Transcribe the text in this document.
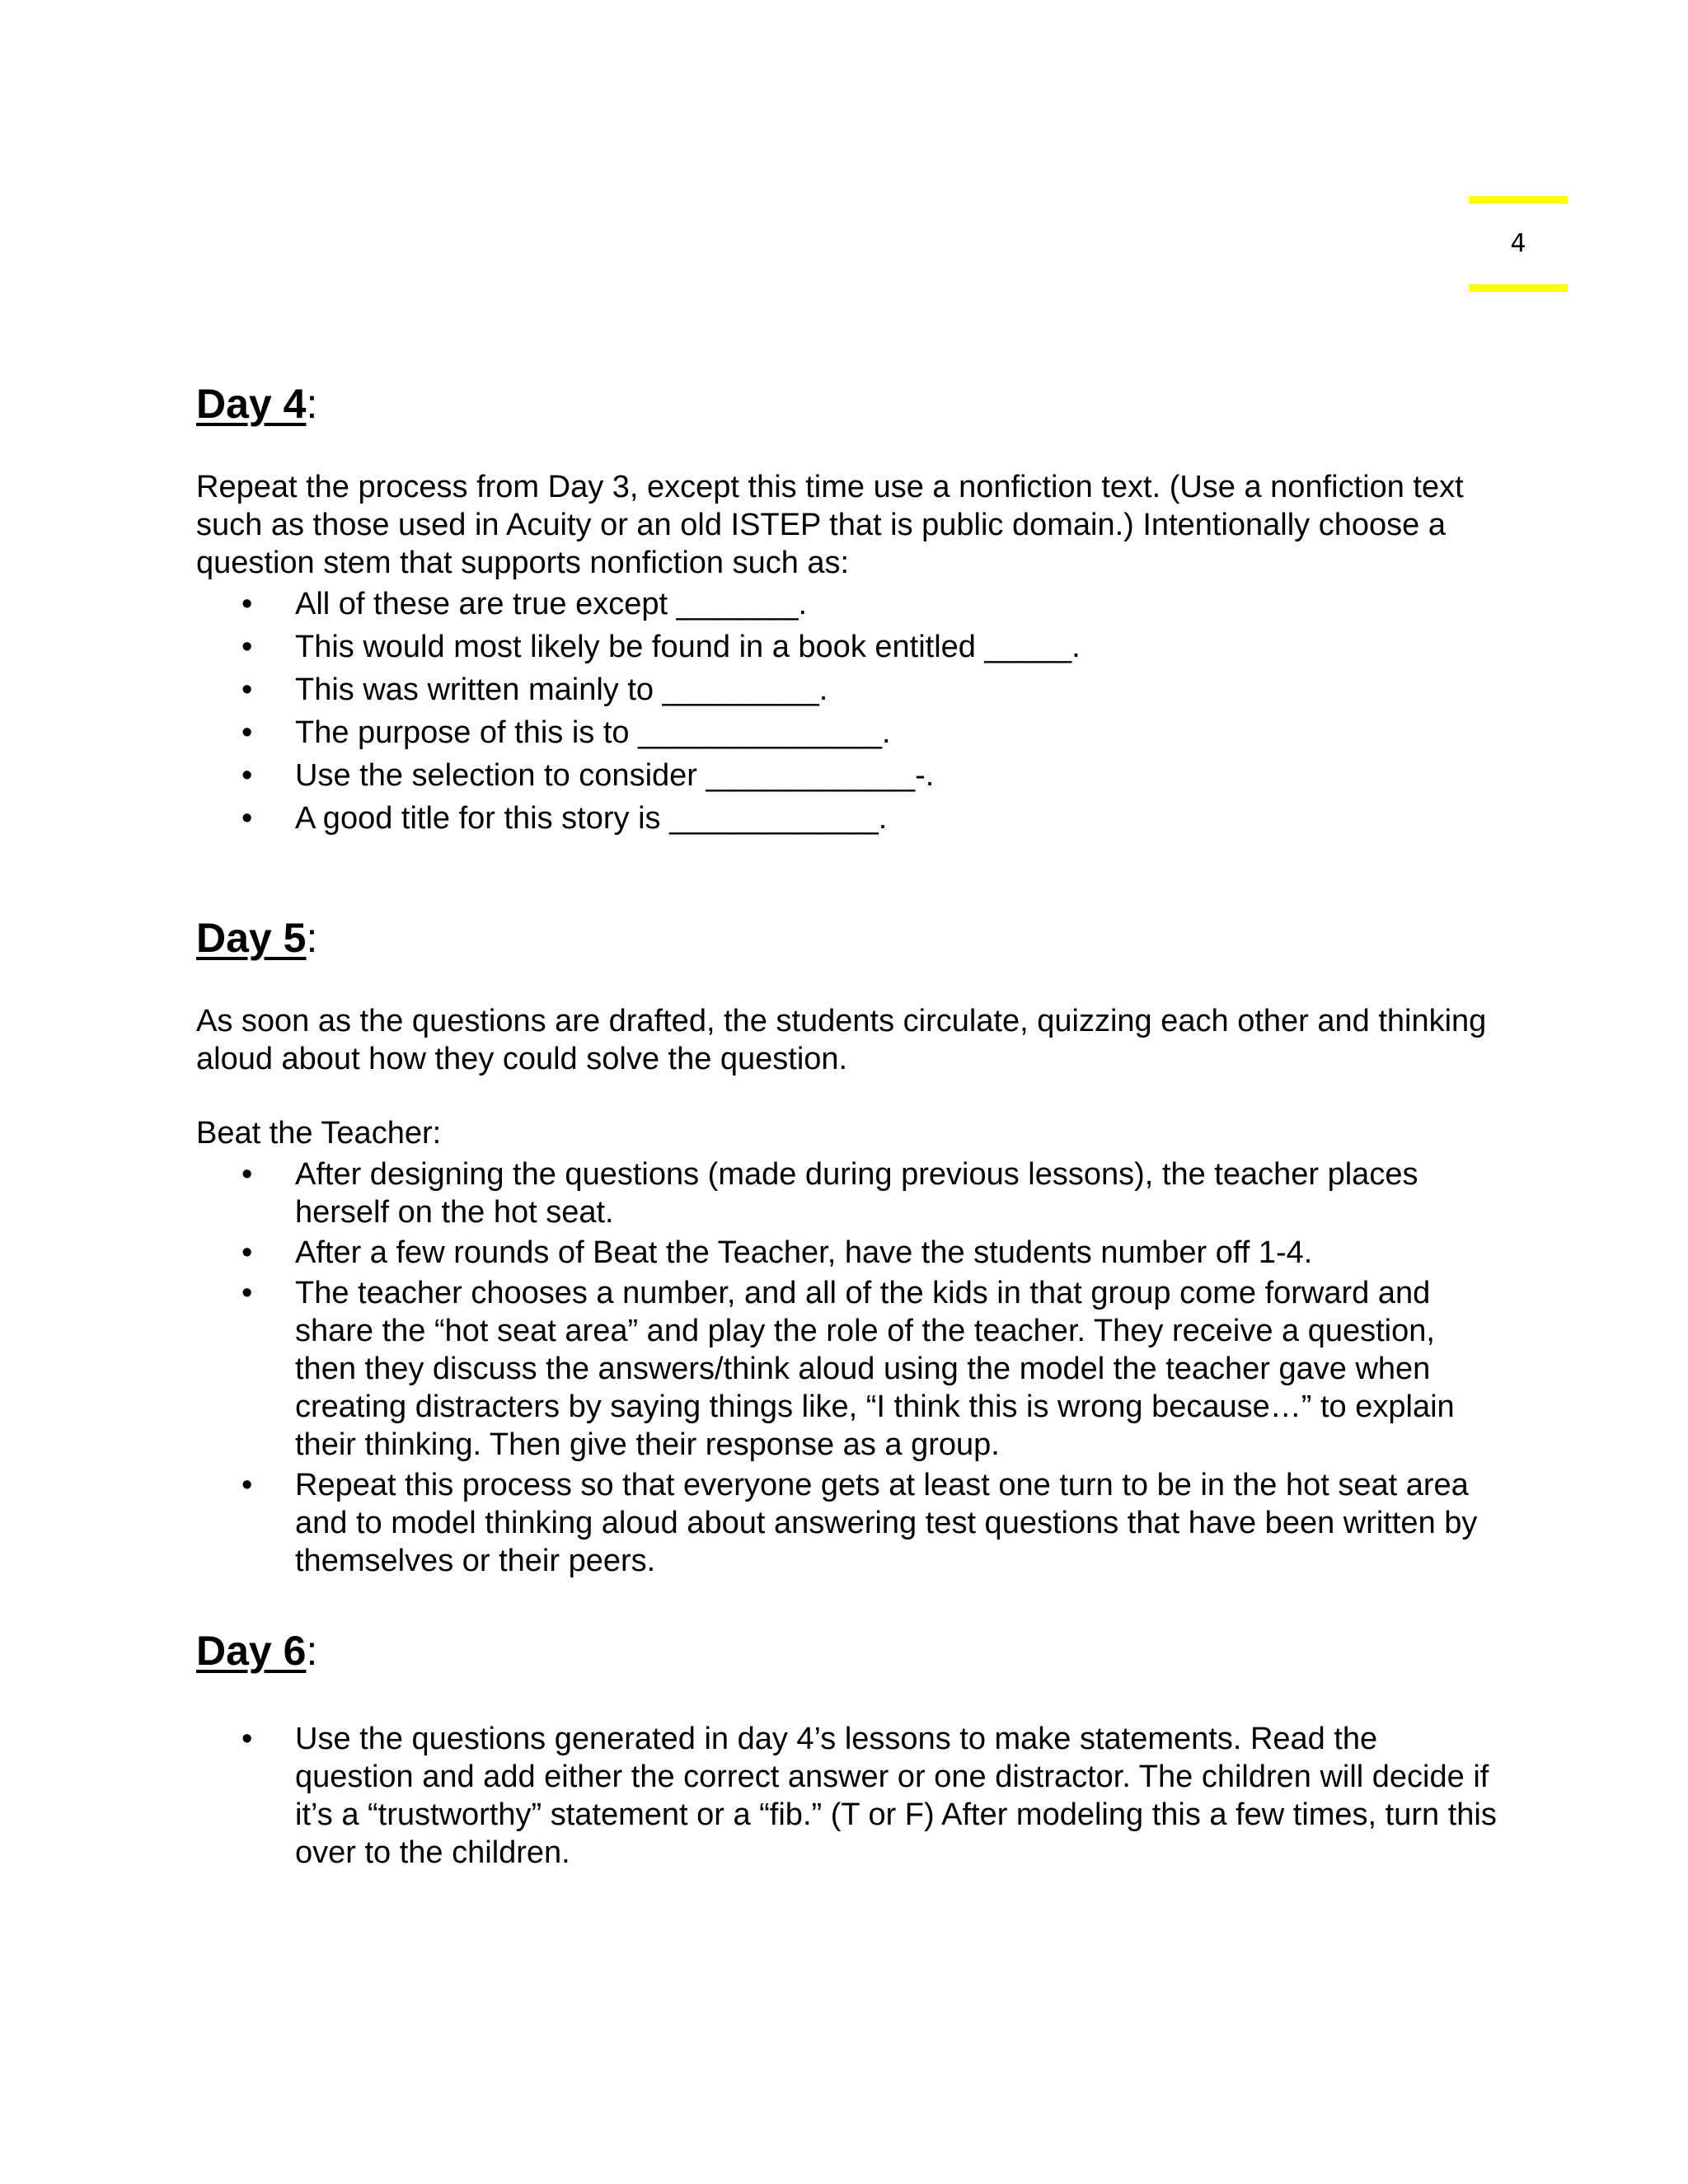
4
Day 4:

Repeat the process from Day 3, except this time use a nonfiction text. (Use a nonfiction text such as those used in Acuity or an old ISTEP that is public domain.) Intentionally choose a question stem that supports nonfiction such as:

• All of these are true except _______.
• This would most likely be found in a book entitled _____.
• This was written mainly to _________.
• The purpose of this is to ______________.
• Use the selection to consider ____________-.
• A good title for this story is ____________.
Day 5:

As soon as the questions are drafted, the students circulate, quizzing each other and thinking aloud about how they could solve the question.

Beat the Teacher:

• After designing the questions (made during previous lessons), the teacher places herself on the hot seat.
• After a few rounds of Beat the Teacher, have the students number off 1-4.
• The teacher chooses a number, and all of the kids in that group come forward and share the “hot seat area” and play the role of the teacher. They receive a question, then they discuss the answers/think aloud using the model the teacher gave when creating distracters by saying things like, “I think this is wrong because…” to explain their thinking. Then give their response as a group.
• Repeat this process so that everyone gets at least one turn to be in the hot seat area and to model thinking aloud about answering test questions that have been written by themselves or their peers.
Day 6:
• Use the questions generated in day 4’s lessons to make statements. Read the question and add either the correct answer or one distractor. The children will decide if it’s a “trustworthy” statement or a “fib.” (T or F) After modeling this a few times, turn this over to the children.
